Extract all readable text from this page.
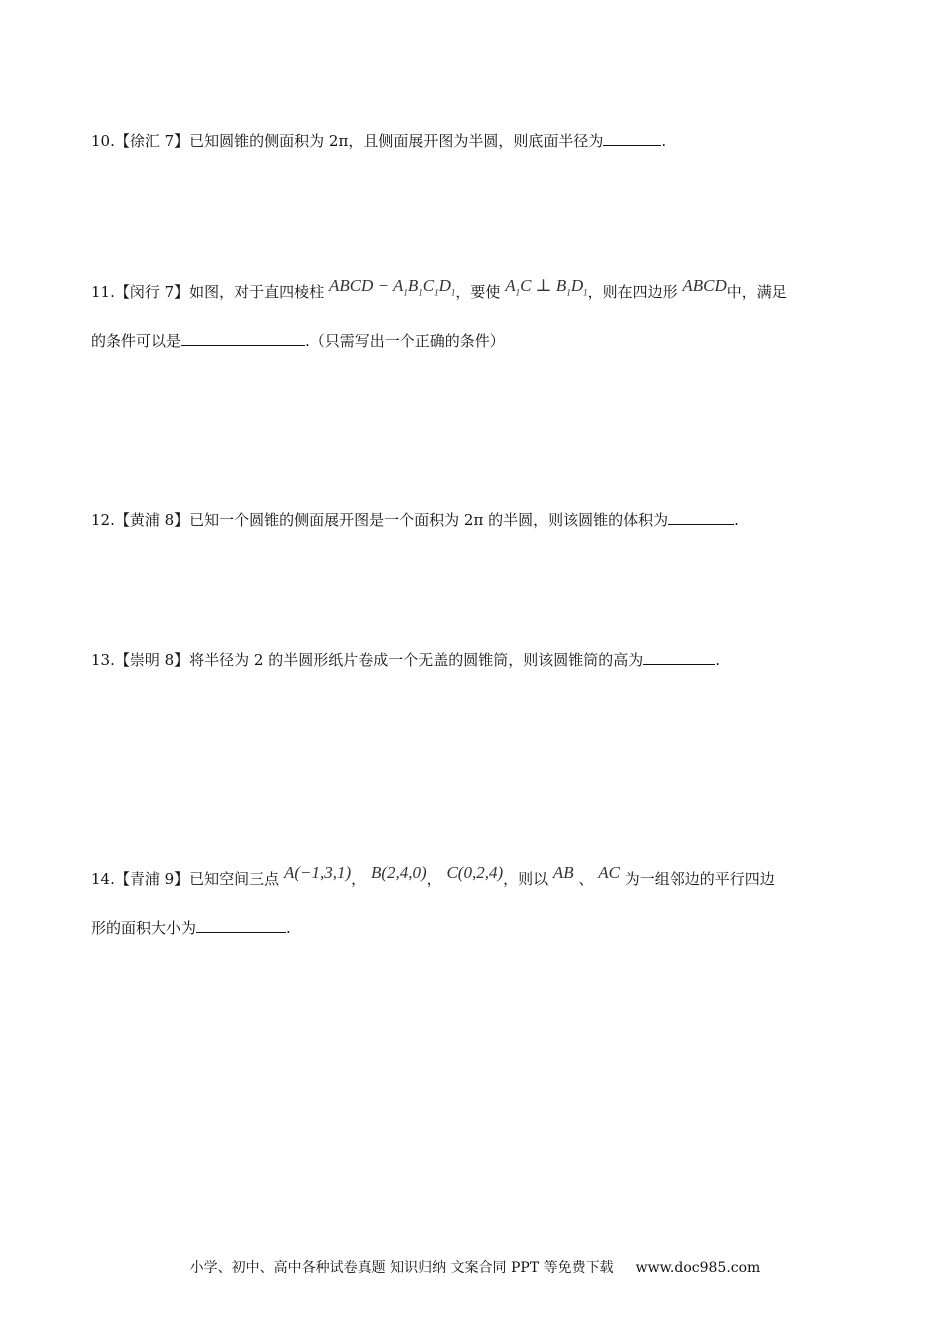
10.【徐汇 7】已知圆锥的侧面积为 2π，且侧面展开图为半圆，则底面半径为	.
11.【闵行 7】如图，对于直四棱柱 ABCD − $A_1B_1C_1D_1$，要使 $A_1C$ ⊥ $B_1D_1$，则在四边形 ABCD中，满足
的条件可以是	.（只需写出一个正确的条件）
12.【黄浦 8】已知一个圆锥的侧面展开图是一个面积为 2π 的半圆，则该圆锥的体积为	.
13.【崇明 8】将半径为 2 的半圆形纸片卷成一个无盖的圆锥筒，则该圆锥筒的高为	.
14.【青浦 9】已知空间三点 A(−1,3,1)， B(2,4,0)， C(0,2,4)，则以 AB 、 AC 为一组邻边的平行四边
形的面积大小为	.
小学、初中、高中各种试卷真题 知识归纳 文案合同 PPT 等免费下载 www.doc985.com
